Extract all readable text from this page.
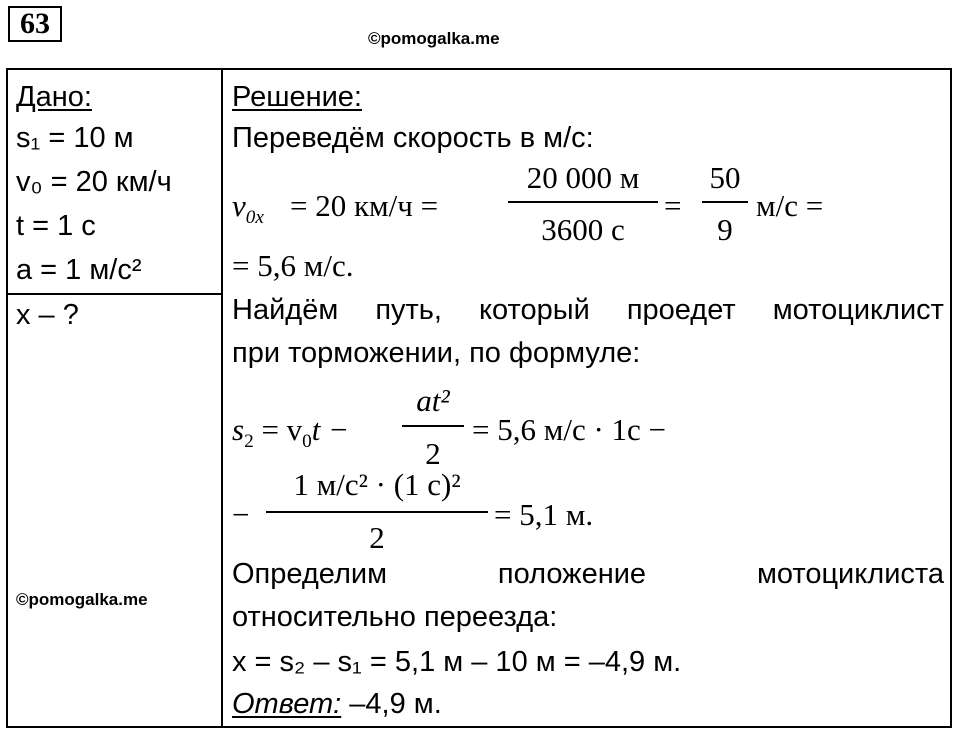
63	©pomogalka.me
Дано:
s₁ = 10 м
v₀ = 20 км/ч
t = 1 с
a = 1 м/с²
x – ?
©pomogalka.me
Решение:
Переведём скорость в м/с:
$v_{0x} = 20$ км/ч =
20 000 м
3600 с
=
50
9
м/с =
= 5,6 м/с.
Найдём путь, который проедет мотоциклист
при торможении, по формуле:
$s_2 = v_0t$ −
at²
2
= 5,6 м/с · 1с −
−
1 м/с² · (1 с)²
2
= 5,1 м.
Определим	положение	мотоциклиста
относительно переезда:
x = s₂ – s₁ = 5,1 м – 10 м = –4,9 м.
Ответ: –4,9 м.
